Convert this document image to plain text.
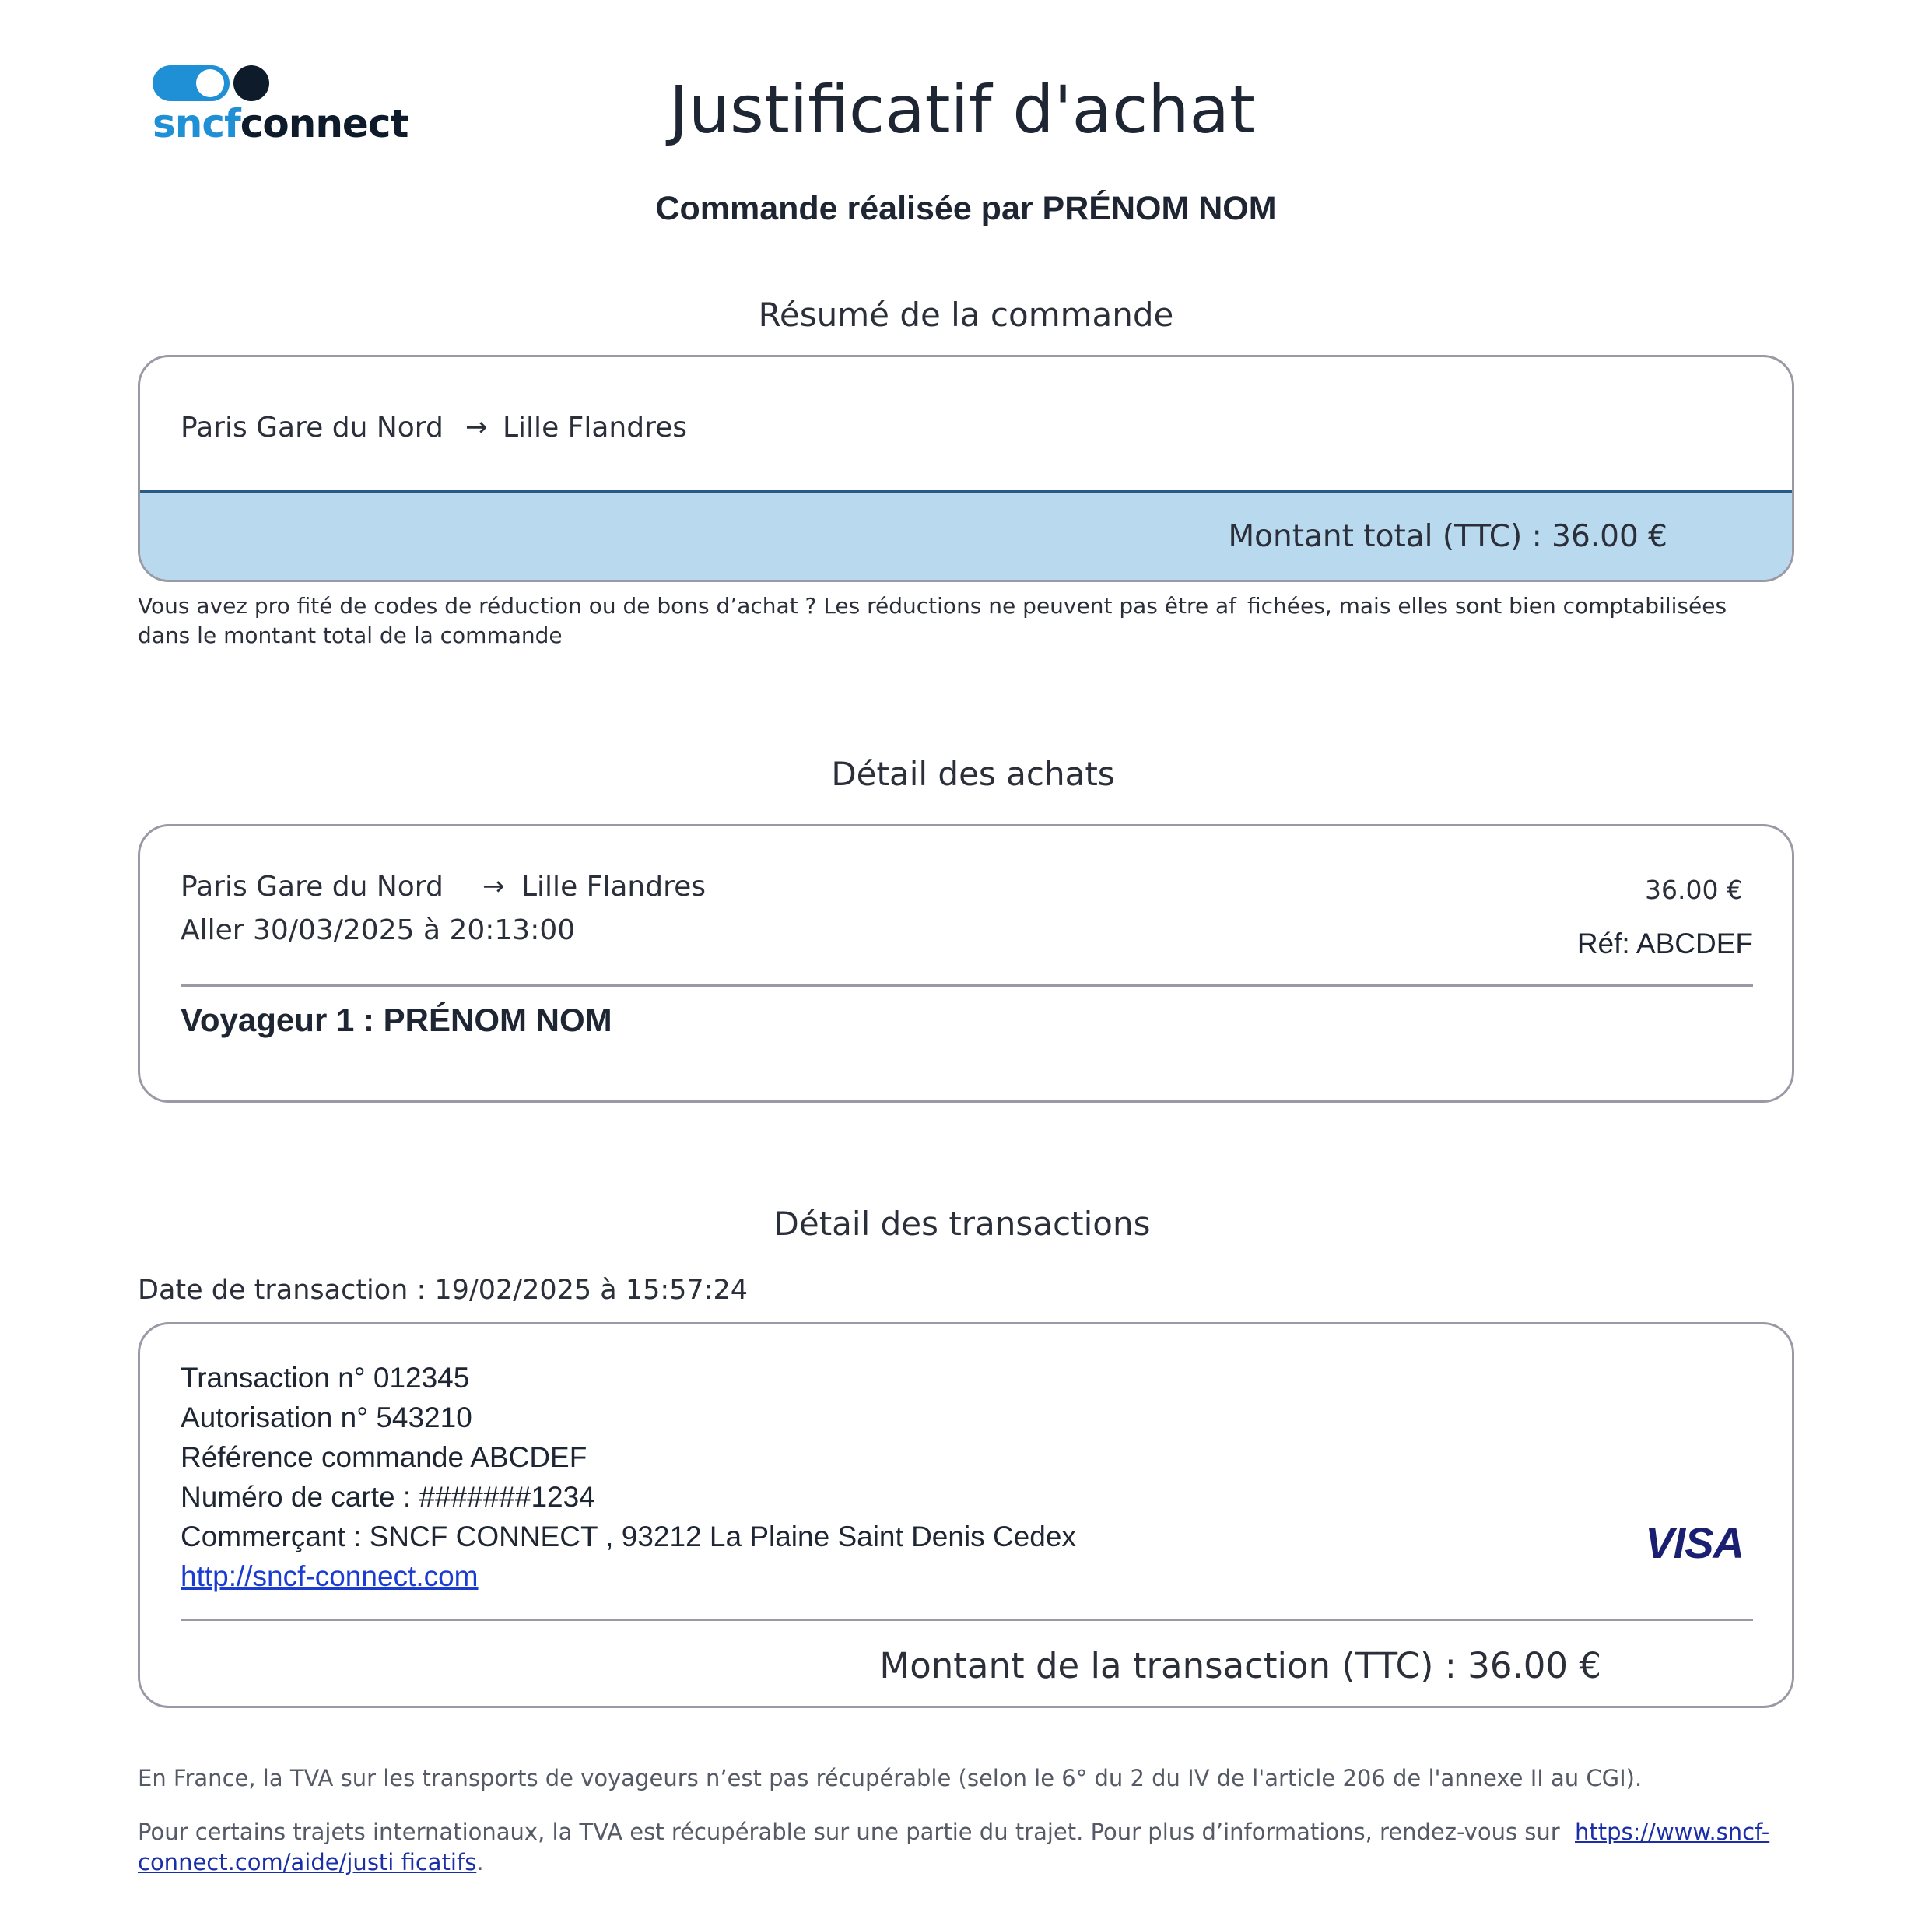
sncfconnect	Justificatif d'achat
Commande réalisée par PRÉNOM NOM
Résumé de la commande
Paris Gare du Nord → Lille Flandres
Montant total (TTC) : 36.00 €
Vous avez pro fité de codes de réduction ou de bons d’achat ? Les réductions ne peuvent pas être af fichées, mais elles sont bien comptabilisées
dans le montant total de la commande
Détail des achats
Paris Gare du Nord → Lille Flandres
Aller 30/03/2025 à 20:13:00
36.00 €
Réf: ABCDEF
Voyageur 1 : PRÉNOM NOM
Détail des transactions
Date de transaction : 19/02/2025 à 15:57:24
Transaction n° 012345
Autorisation n° 543210
Référence commande ABCDEF
Numéro de carte : #######1234
Commerçant : SNCF CONNECT , 93212 La Plaine Saint Denis Cedex
http://sncf-connect.com
VISA
Montant de la transaction (TTC) : 36.00 €
En France, la TVA sur les transports de voyageurs n’est pas récupérable (selon le 6° du 2 du IV de l'article 206 de l'annexe II au CGI).
Pour certains trajets internationaux, la TVA est récupérable sur une partie du trajet. Pour plus d’informations, rendez-vous sur https://www.sncf-
connect.com/aide/justi ficatifs.
